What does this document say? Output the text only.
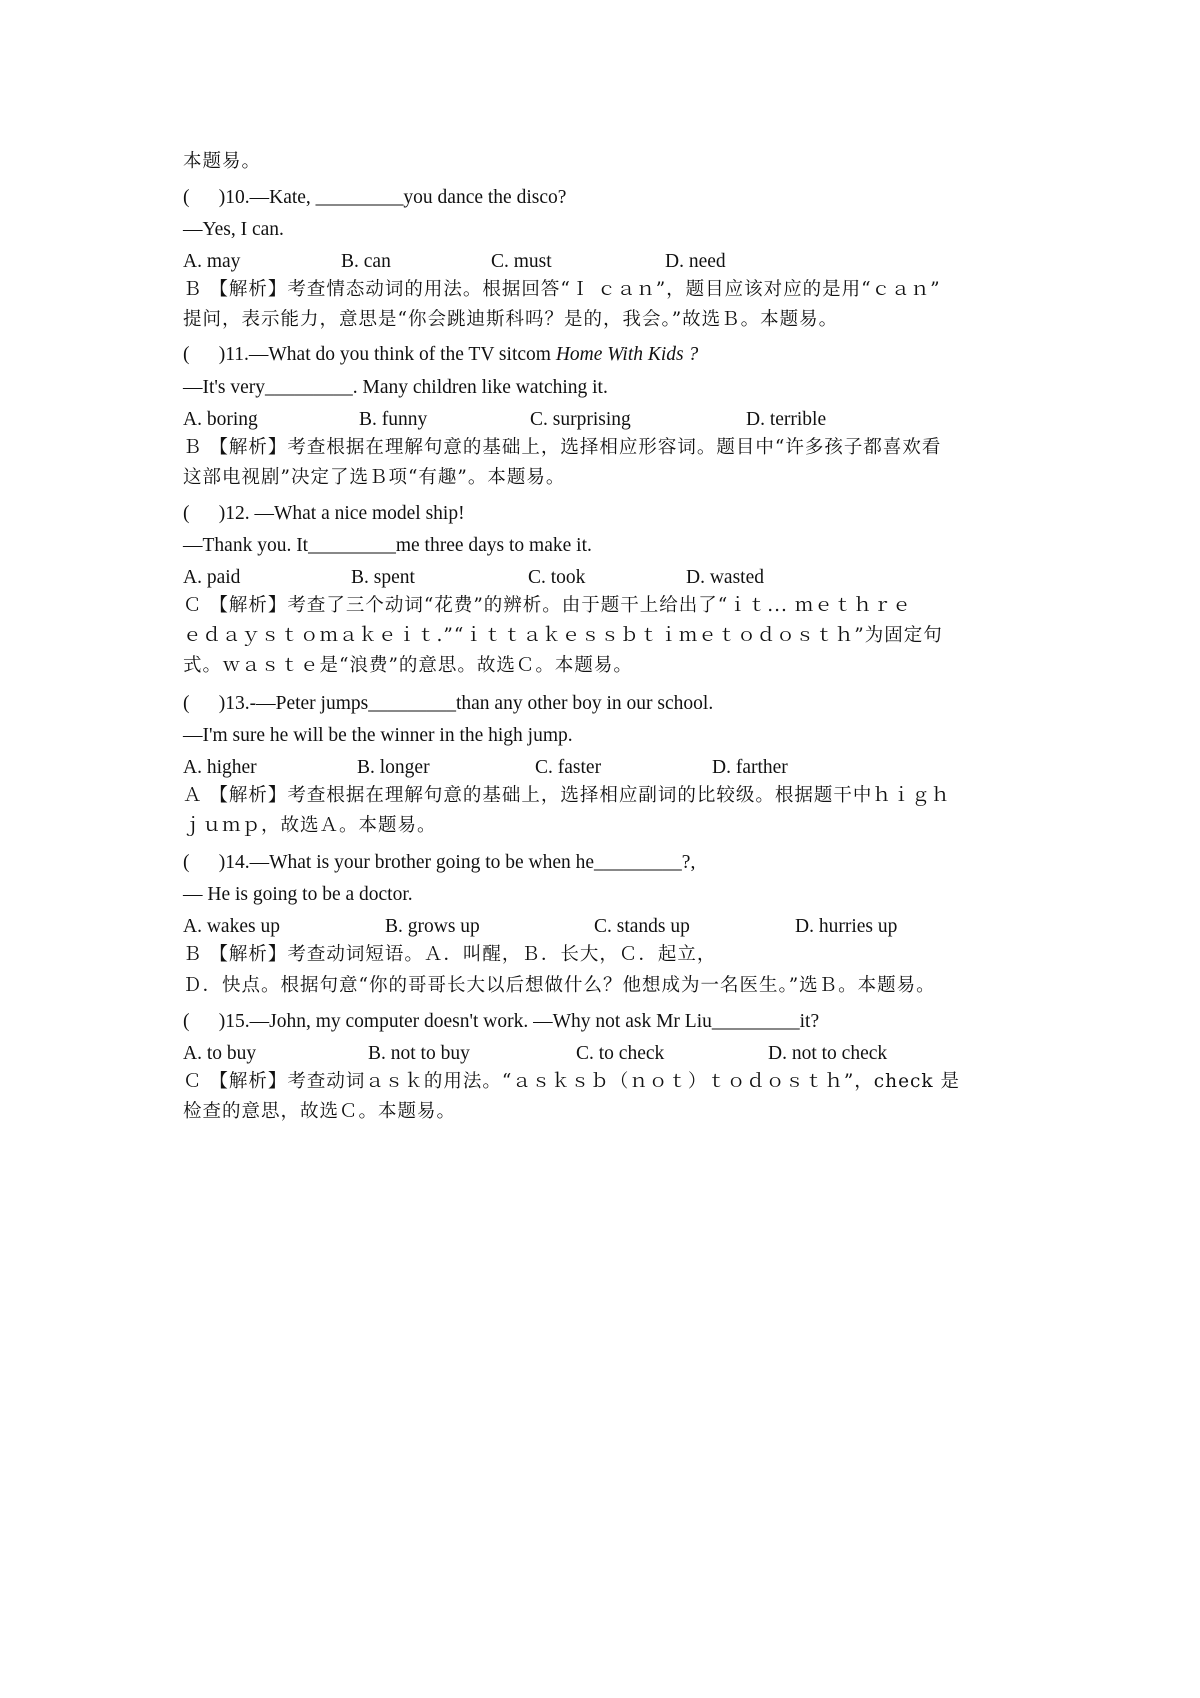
本题易。
(      )10.—Kate, _________you dance the disco?
—Yes, I can.
A. may	B. can	C. must	D. need
Ｂ 【解析】考查情态动词的用法。根据回答“Ｉ ｃａｎ”，题目应该对应的是用“ｃａｎ”
提问，表示能力，意思是“你会跳迪斯科吗？是的，我会。”故选Ｂ。本题易。
(      )11.—What do you think of the TV sitcom Home With Kids ?
—It's very_________. Many children like watching it.
A. boring	B. funny	C. surprising	D. terrible
Ｂ 【解析】考查根据在理解句意的基础上，选择相应形容词。题目中“许多孩子都喜欢看
这部电视剧”决定了选Ｂ项“有趣”。本题易。
(      )12. —What a nice model ship!
—Thank you. It_________me three days to make it.
A. paid	B. spent	C. took	D. wasted
Ｃ 【解析】考查了三个动词“花费”的辨析。由于题干上给出了“ｉｔ... ｍｅｔｈｒｅ
ｅｄａｙｓｔｏｍａｋｅｉｔ.”“ｉｔｔａｋｅｓｓｂｔｉｍｅｔｏｄｏｓｔｈ”为固定句
式。ｗａｓｔｅ是“浪费”的意思。故选Ｃ。本题易。
(      )13.-—Peter jumps_________than any other boy in our school.
—I'm sure he will be the winner in the high jump.
A. higher	B. longer	C. faster	D. farther
Ａ 【解析】考查根据在理解句意的基础上，选择相应副词的比较级。根据题干中ｈｉｇｈ
ｊｕｍｐ，故选Ａ。本题易。
(      )14.—What is your brother going to be when he_________?,
— He is going to be a doctor.
A. wakes up	B. grows up	C. stands up	D. hurries up
Ｂ 【解析】考查动词短语。Ａ．叫醒，Ｂ．长大，Ｃ．起立，
Ｄ．快点。根据句意“你的哥哥长大以后想做什么？他想成为一名医生。”选Ｂ。本题易。
(      )15.—John, my computer doesn't work. —Why not ask Mr Liu_________it?
A. to buy	B. not to buy	C. to check	D. not to check
Ｃ 【解析】考查动词ａｓｋ的用法。“ａｓｋｓｂ（ｎｏｔ）ｔｏｄｏｓｔｈ”，check 是
检查的意思，故选Ｃ。本题易。
